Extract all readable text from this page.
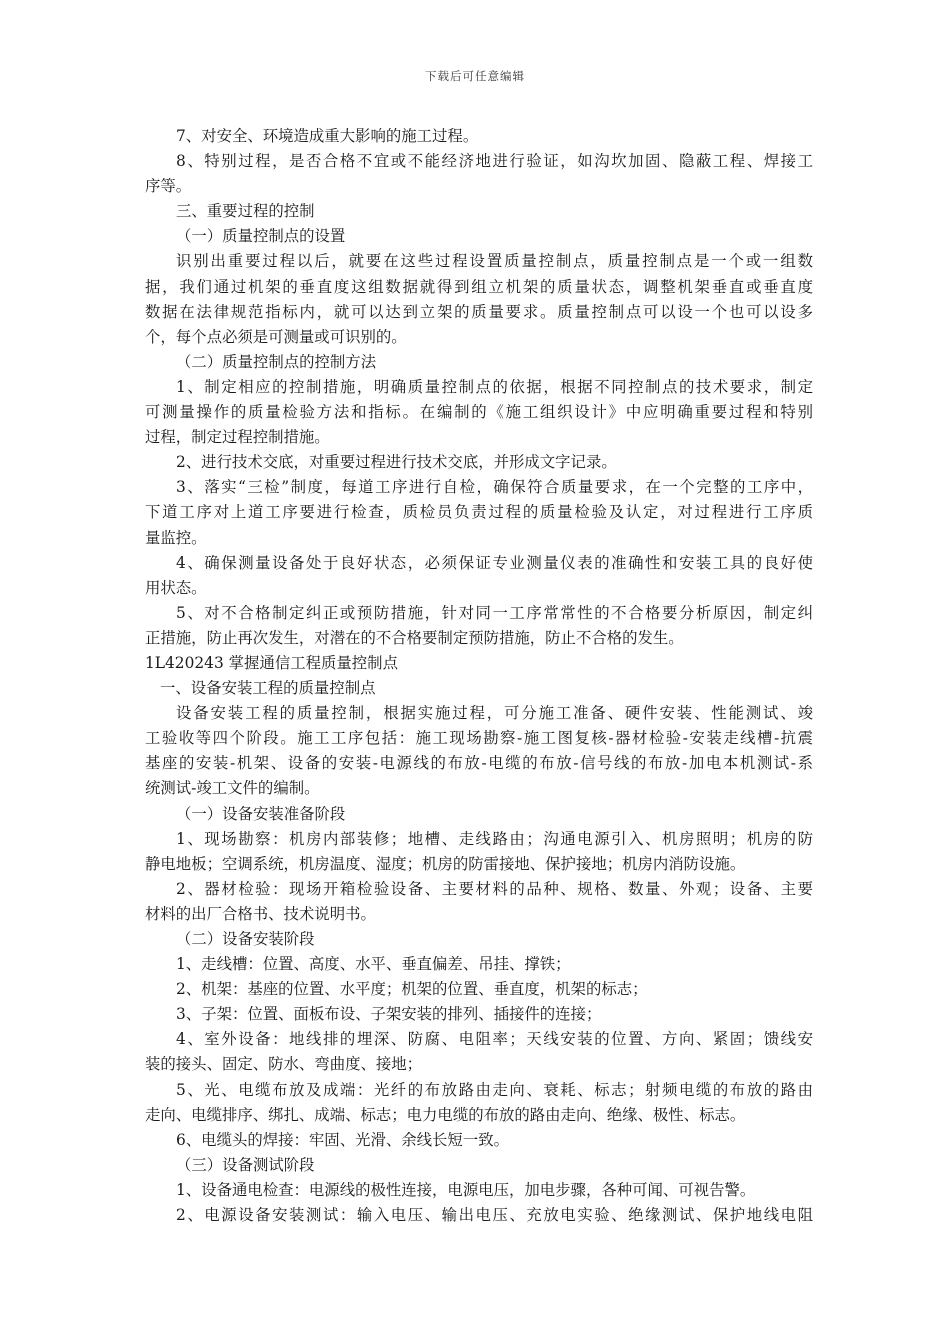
下载后可任意编辑
7、对安全、环境造成重大影响的施工过程。
8、特别过程，是否合格不宜或不能经济地进行验证，如沟坎加固、隐蔽工程、焊接工
序等。
三、重要过程的控制
（一）质量控制点的设置
识别出重要过程以后，就要在这些过程设置质量控制点，质量控制点是一个或一组数
据，我们通过机架的垂直度这组数据就得到组立机架的质量状态，调整机架垂直或垂直度
数据在法律规范指标内，就可以达到立架的质量要求。质量控制点可以设一个也可以设多
个，每个点必须是可测量或可识别的。
（二）质量控制点的控制方法
1、制定相应的控制措施，明确质量控制点的依据，根据不同控制点的技术要求，制定
可测量操作的质量检验方法和指标。在编制的《施工组织设计》中应明确重要过程和特别
过程，制定过程控制措施。
2、进行技术交底，对重要过程进行技术交底，并形成文字记录。
3、落实“三检”制度，每道工序进行自检，确保符合质量要求，在一个完整的工序中，
下道工序对上道工序要进行检查，质检员负责过程的质量检验及认定，对过程进行工序质
量监控。
4、确保测量设备处于良好状态，必须保证专业测量仪表的准确性和安装工具的良好使
用状态。
5、对不合格制定纠正或预防措施，针对同一工序常常性的不合格要分析原因，制定纠
正措施，防止再次发生，对潜在的不合格要制定预防措施，防止不合格的发生。
1L420243 掌握通信工程质量控制点
一、设备安装工程的质量控制点
设备安装工程的质量控制，根据实施过程，可分施工准备、硬件安装、性能测试、竣
工验收等四个阶段。施工工序包括：施工现场勘察-施工图复核-器材检验-安装走线槽-抗震
基座的安装-机架、设备的安装-电源线的布放-电缆的布放-信号线的布放-加电本机测试-系
统测试-竣工文件的编制。
（一）设备安装准备阶段
1、现场勘察：机房内部装修；地槽、走线路由；沟通电源引入、机房照明；机房的防
静电地板；空调系统，机房温度、湿度；机房的防雷接地、保护接地；机房内消防设施。
2、器材检验：现场开箱检验设备、主要材料的品种、规格、数量、外观；设备、主要
材料的出厂合格书、技术说明书。
（二）设备安装阶段
1、走线槽：位置、高度、水平、垂直偏差、吊挂、撑铁；
2、机架：基座的位置、水平度；机架的位置、垂直度，机架的标志；
3、子架：位置、面板布设、子架安装的排列、插接件的连接；
4、室外设备：地线排的埋深、防腐、电阻率；天线安装的位置、方向、紧固；馈线安
装的接头、固定、防水、弯曲度、接地；
5、光、电缆布放及成端：光纤的布放路由走向、衰耗、标志；射频电缆的布放的路由
走向、电缆排序、绑扎、成端、标志；电力电缆的布放的路由走向、绝缘、极性、标志。
6、电缆头的焊接：牢固、光滑、余线长短一致。
（三）设备测试阶段
1、设备通电检查：电源线的极性连接，电源电压，加电步骤，各种可闻、可视告警。
2、电源设备安装测试：输入电压、输出电压、充放电实验、绝缘测试、保护地线电阻
